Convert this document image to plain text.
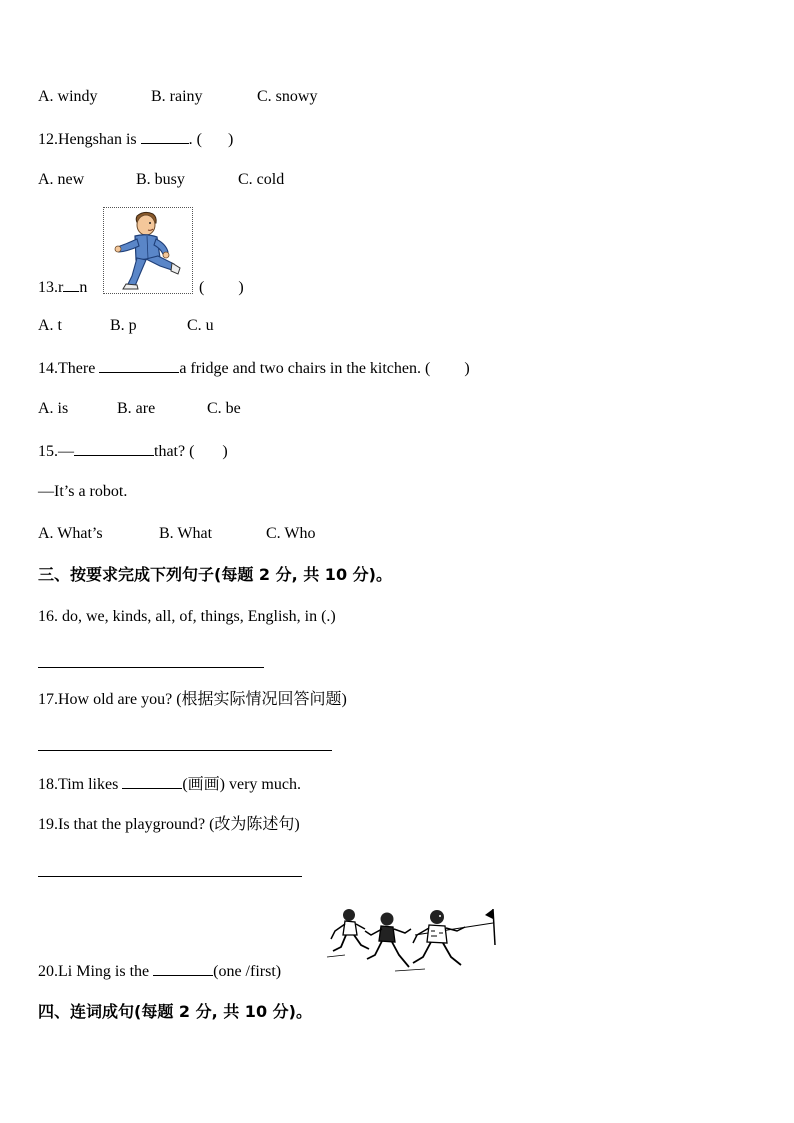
A. windy	B. rainy	C. snowy
12.Hengshan is	. ( )
A. new	B. busy	C. cold
13.r n	( )
A. t	B. p	C. u
14.There	a fridge and two chairs in the kitchen. ( )
A. is	B. are	C. be
15.—	that? ( )
—It’s a robot.
A. What’s	B. What	C. Who
三、按要求完成下列句子(每题 2 分, 共 10 分)。
16. do, we, kinds, all, of, things, English, in (.)
17.How old are you? (根据实际情况回答问题)
18.Tim likes	(画画) very much.
19.Is that the playground? (改为陈述句)
20.Li Ming is the	(one /first)
四、连词成句(每题 2 分, 共 10 分)。
